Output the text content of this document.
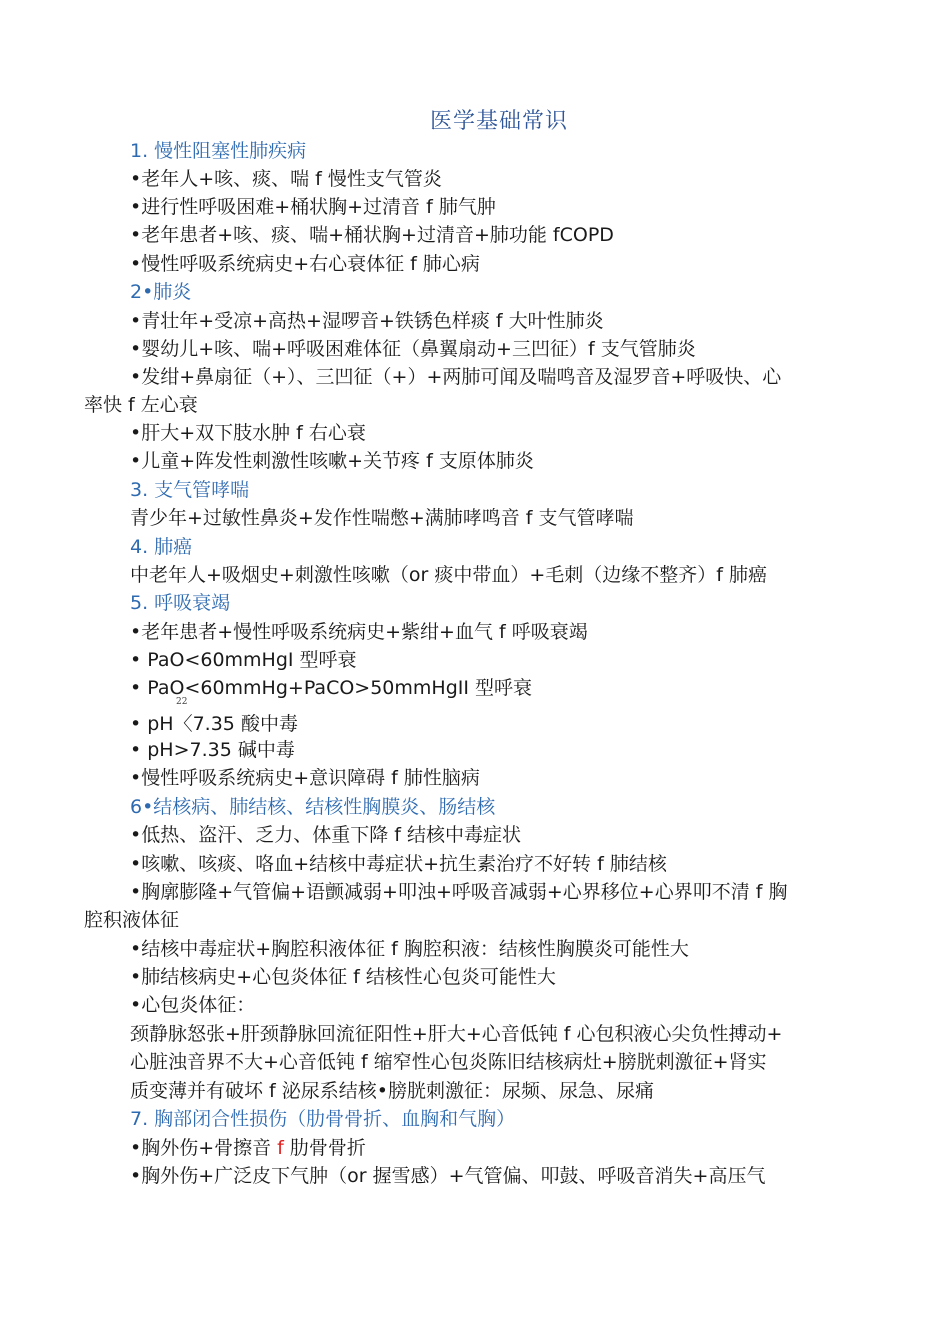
医学基础常识
1. 慢性阻塞性肺疾病
•老年人+咳、痰、喘 f 慢性支气管炎
•进行性呼吸困难+桶状胸+过清音 f 肺气肿
•老年患者+咳、痰、喘+桶状胸+过清音+肺功能 fCOPD
•慢性呼吸系统病史+右心衰体征 f 肺心病
2•肺炎
•青壮年+受凉+高热+湿啰音+铁锈色样痰 f 大叶性肺炎
•婴幼儿+咳、喘+呼吸困难体征（鼻翼扇动+三凹征）f 支气管肺炎
•发绀+鼻扇征（+）、三凹征（+）+两肺可闻及喘鸣音及湿罗音+呼吸快、心
率快 f 左心衰
•肝大+双下肢水肿 f 右心衰
•儿童+阵发性刺激性咳嗽+关节疼 f 支原体肺炎
3. 支气管哮喘
青少年+过敏性鼻炎+发作性喘憋+满肺哮鸣音 f 支气管哮喘
4. 肺癌
中老年人+吸烟史+刺激性咳嗽（or 痰中带血）+毛刺（边缘不整齐）f 肺癌
5. 呼吸衰竭
•老年患者+慢性呼吸系统病史+紫绀+血气 f 呼吸衰竭
• PaO<60mmHgI 型呼衰
• PaO<60mmHg+PaCO>50mmHgII 型呼衰
22
• pH〈7.35 酸中毒
• pH>7.35 碱中毒
•慢性呼吸系统病史+意识障碍 f 肺性脑病
6•结核病、肺结核、结核性胸膜炎、肠结核
•低热、盗汗、乏力、体重下降 f 结核中毒症状
•咳嗽、咳痰、咯血+结核中毒症状+抗生素治疗不好转 f 肺结核
•胸廓膨隆+气管偏+语颤减弱+叩浊+呼吸音减弱+心界移位+心界叩不清 f 胸
腔积液体征
•结核中毒症状+胸腔积液体征 f 胸腔积液：结核性胸膜炎可能性大
•肺结核病史+心包炎体征 f 结核性心包炎可能性大
•心包炎体征：
颈静脉怒张+肝颈静脉回流征阳性+肝大+心音低钝 f 心包积液心尖负性搏动+
心脏浊音界不大+心音低钝 f 缩窄性心包炎陈旧结核病灶+膀胱刺激征+肾实
质变薄并有破坏 f 泌尿系结核•膀胱刺激征：尿频、尿急、尿痛
7. 胸部闭合性损伤（肋骨骨折、血胸和气胸）
•胸外伤+骨擦音 f 肋骨骨折
•胸外伤+广泛皮下气肿（or 握雪感）+气管偏、叩鼓、呼吸音消失+高压气
